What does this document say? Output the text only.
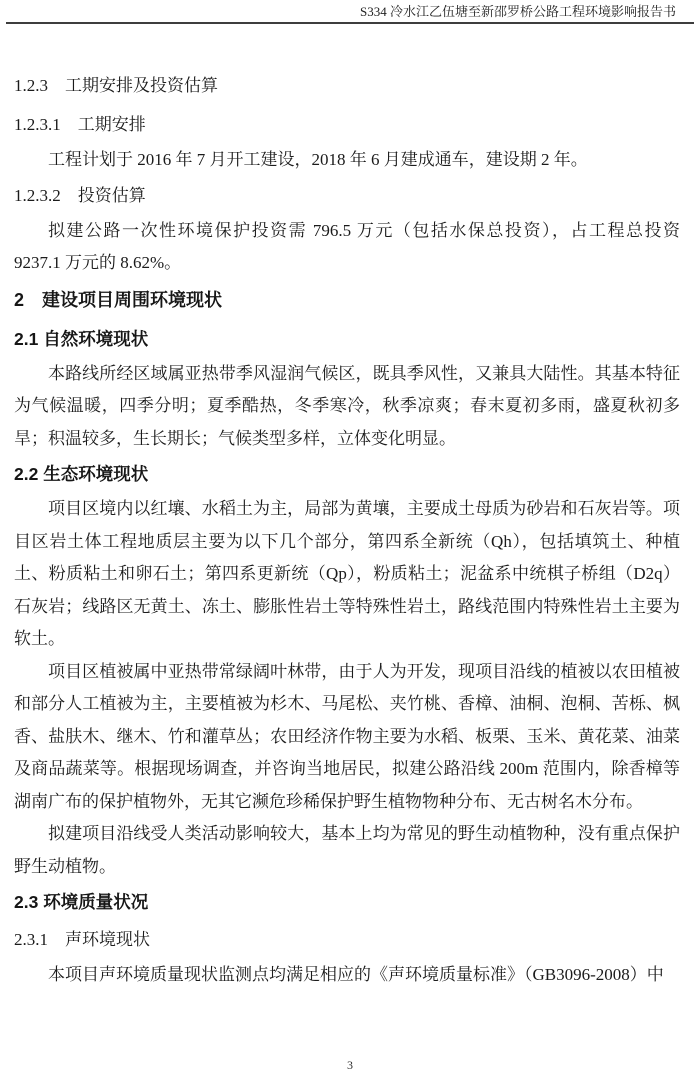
S334 冷水江乙伍塘至新邵罗桥公路工程环境影响报告书
1.2.3　工期安排及投资估算
1.2.3.1　工期安排
工程计划于 2016 年 7 月开工建设，2018 年 6 月建成通车，建设期 2 年。
1.2.3.2　投资估算
拟建公路一次性环境保护投资需 796.5 万元（包括水保总投资），占工程总投资 9237.1 万元的 8.62%。
2　建设项目周围环境现状
2.1 自然环境现状
本路线所经区域属亚热带季风湿润气候区，既具季风性，又兼具大陆性。其基本特征为气候温暖，四季分明；夏季酷热，冬季寒冷，秋季凉爽；春末夏初多雨，盛夏秋初多旱；积温较多，生长期长；气候类型多样，立体变化明显。
2.2 生态环境现状
项目区境内以红壤、水稻土为主，局部为黄壤，主要成土母质为砂岩和石灰岩等。项目区岩土体工程地质层主要为以下几个部分，第四系全新统（Qh），包括填筑土、种植土、粉质粘土和卵石土；第四系更新统（Qp），粉质粘土；泥盆系中统棋子桥组（D2q）石灰岩；线路区无黄土、冻土、膨胀性岩土等特殊性岩土，路线范围内特殊性岩土主要为软土。
项目区植被属中亚热带常绿阔叶林带，由于人为开发，现项目沿线的植被以农田植被和部分人工植被为主，主要植被为杉木、马尾松、夹竹桃、香樟、油桐、泡桐、苦栎、枫香、盐肤木、继木、竹和灌草丛；农田经济作物主要为水稻、板栗、玉米、黄花菜、油菜及商品蔬菜等。根据现场调查，并咨询当地居民，拟建公路沿线 200m 范围内，除香樟等湖南广布的保护植物外，无其它濒危珍稀保护野生植物物种分布、无古树名木分布。
拟建项目沿线受人类活动影响较大，基本上均为常见的野生动植物种，没有重点保护野生动植物。
2.3 环境质量状况
2.3.1　声环境现状
本项目声环境质量现状监测点均满足相应的《声环境质量标准》（GB3096-2008）中
3
